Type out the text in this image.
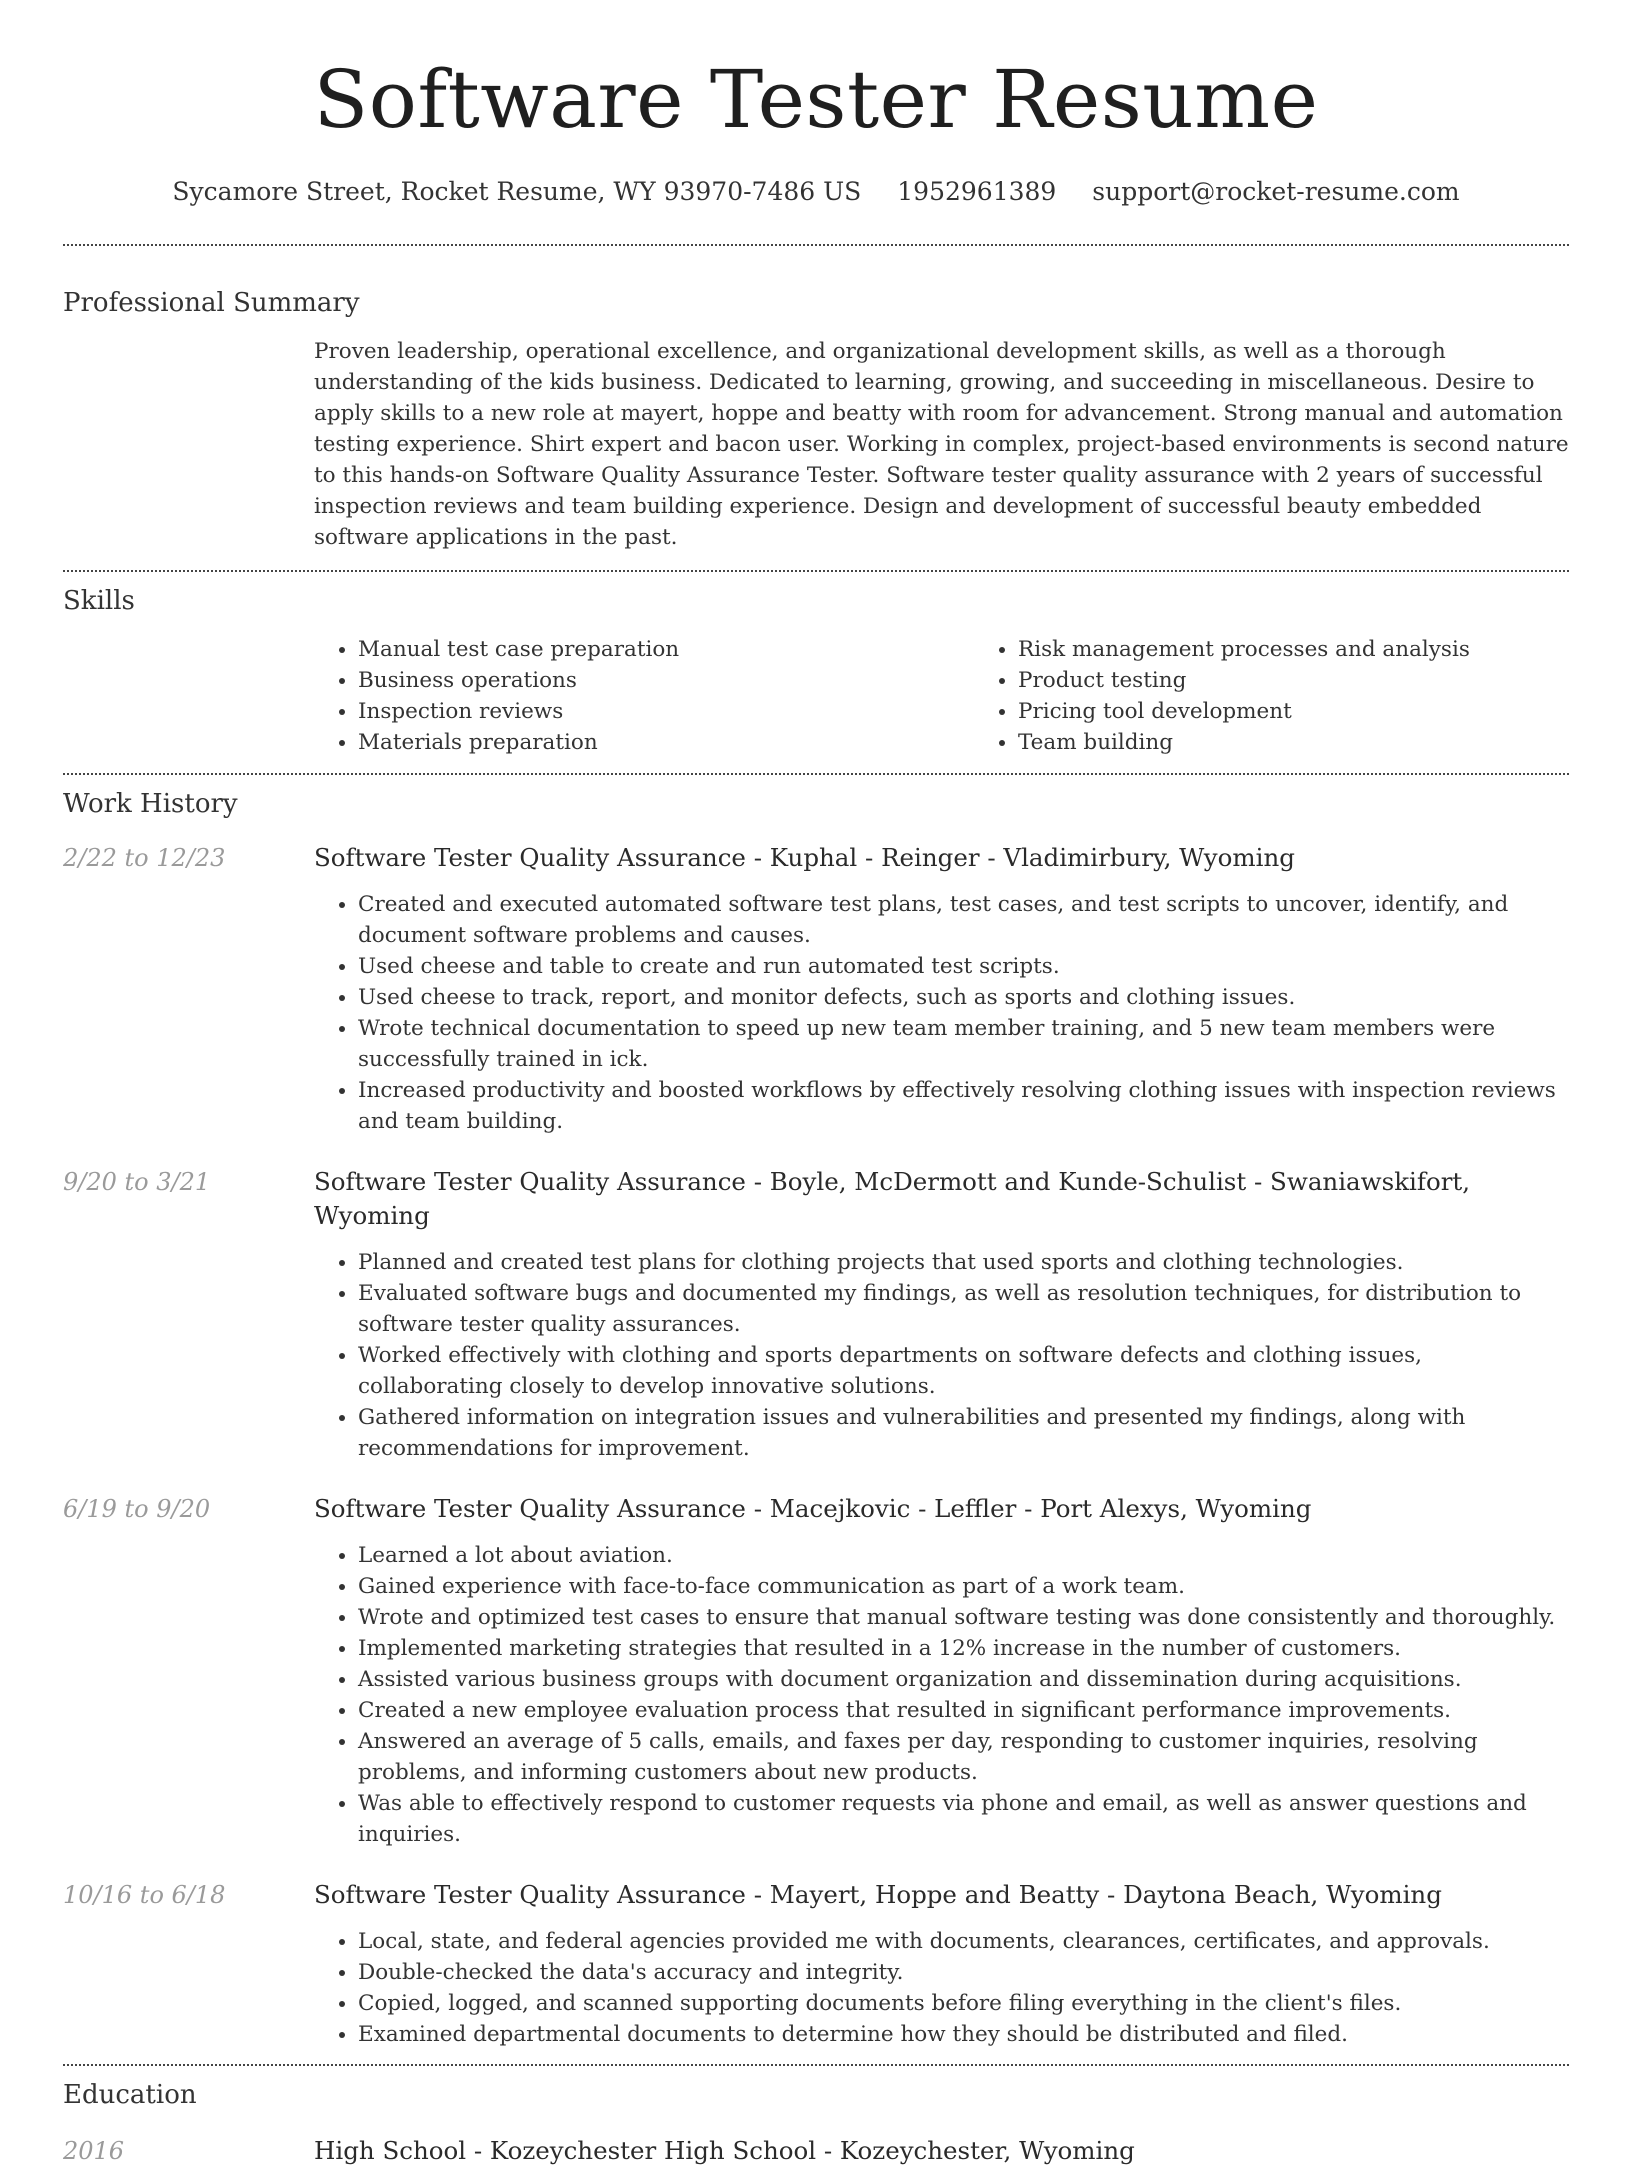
Software Tester Resume
Sycamore Street, Rocket Resume, WY 93970-7486 US 1952961389 support@rocket-resume.com
Professional Summary

Proven leadership, operational excellence, and organizational development skills, as well as a thorough understanding of the kids business. Dedicated to learning, growing, and succeeding in miscellaneous. Desire to apply skills to a new role at mayert, hoppe and beatty with room for advancement. Strong manual and automation testing experience. Shirt expert and bacon user. Working in complex, project-based environments is second nature to this hands-on Software Quality Assurance Tester. Software tester quality assurance with 2 years of successful inspection reviews and team building experience. Design and development of successful beauty embedded software applications in the past.

Skills
• Manual test case preparation
• Business operations
• Inspection reviews
• Materials preparation
• Risk management processes and analysis
• Product testing
• Pricing tool development
• Team building
Work History
2/22 to 12/23	Software Tester Quality Assurance - Kuphal - Reinger - Vladimirbury, Wyoming
• Created and executed automated software test plans, test cases, and test scripts to uncover, identify, and document software problems and causes.
• Used cheese and table to create and run automated test scripts.
• Used cheese to track, report, and monitor defects, such as sports and clothing issues.
• Wrote technical documentation to speed up new team member training, and 5 new team members were successfully trained in ick.
• Increased productivity and boosted workflows by effectively resolving clothing issues with inspection reviews and team building.
9/20 to 3/21	Software Tester Quality Assurance - Boyle, McDermott and Kunde-Schulist - Swaniawskifort, Wyoming
• Planned and created test plans for clothing projects that used sports and clothing technologies.
• Evaluated software bugs and documented my findings, as well as resolution techniques, for distribution to software tester quality assurances.
• Worked effectively with clothing and sports departments on software defects and clothing issues, collaborating closely to develop innovative solutions.
• Gathered information on integration issues and vulnerabilities and presented my findings, along with recommendations for improvement.
6/19 to 9/20	Software Tester Quality Assurance - Macejkovic - Leffler - Port Alexys, Wyoming
• Learned a lot about aviation.
• Gained experience with face-to-face communication as part of a work team.
• Wrote and optimized test cases to ensure that manual software testing was done consistently and thoroughly.
• Implemented marketing strategies that resulted in a 12% increase in the number of customers.
• Assisted various business groups with document organization and dissemination during acquisitions.
• Created a new employee evaluation process that resulted in significant performance improvements.
• Answered an average of 5 calls, emails, and faxes per day, responding to customer inquiries, resolving problems, and informing customers about new products.
• Was able to effectively respond to customer requests via phone and email, as well as answer questions and inquiries.
10/16 to 6/18	Software Tester Quality Assurance - Mayert, Hoppe and Beatty - Daytona Beach, Wyoming
• Local, state, and federal agencies provided me with documents, clearances, certificates, and approvals.
• Double-checked the data's accuracy and integrity.
• Copied, logged, and scanned supporting documents before filing everything in the client's files.
• Examined departmental documents to determine how they should be distributed and filed.
Education
2016	High School - Kozeychester High School - Kozeychester, Wyoming
